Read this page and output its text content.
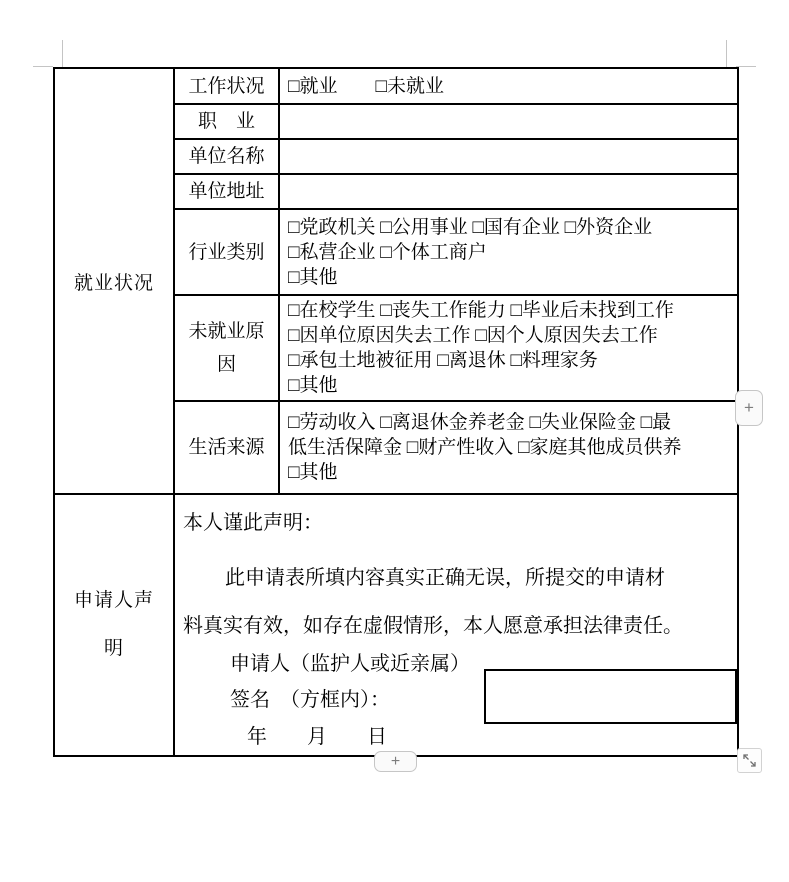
就业状况	工作状况	□就业　　□未就业

	职　业	

	单位名称	

	单位地址	

	行业类别	□党政机关 □公用事业 □国有企业 □外资企业
□私营企业 □个体工商户
□其他

	未就业原因	□在校学生 □丧失工作能力 □毕业后未找到工作
□因单位原因失去工作 □因个人原因失去工作
□承包土地被征用 □离退休 □料理家务
□其他

	生活来源	□劳动收入 □离退休金养老金 □失业保险金 □最
低生活保障金 □财产性收入 □家庭其他成员供养
□其他

申请人声明

本人谨此声明：
此申请表所填内容真实正确无误，所提交的申请材
料真实有效，如存在虚假情形，本人愿意承担法律责任。
申请人（监护人或近亲属）
签名　（方框内）：
年　　月　　日
+
+
